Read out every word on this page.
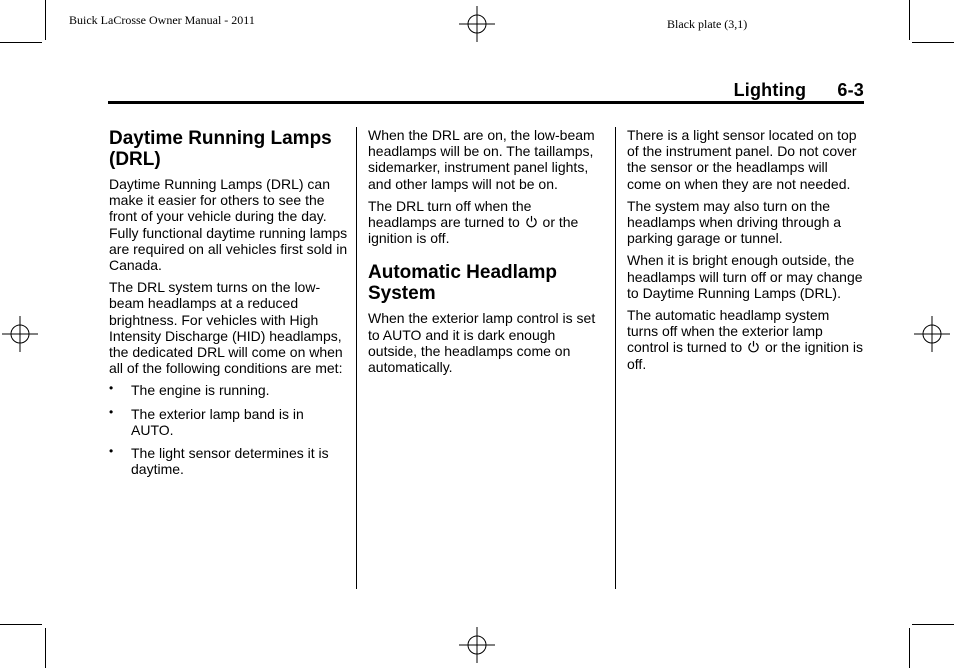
Buick LaCrosse Owner Manual - 2011	Black plate (3,1)
Lighting      6-3
Daytime Running Lamps (DRL)

Daytime Running Lamps (DRL) can make it easier for others to see the front of your vehicle during the day. Fully functional daytime running lamps are required on all vehicles first sold in Canada.

The DRL system turns on the low-beam headlamps at a reduced brightness. For vehicles with High Intensity Discharge (HID) headlamps, the dedicated DRL will come on when all of the following conditions are met:

• The engine is running.
• The exterior lamp band is in AUTO.
• The light sensor determines it is daytime.

When the DRL are on, the low-beam headlamps will be on. The taillamps, sidemarker, instrument panel lights, and other lamps will not be on.

The DRL turn off when the headlamps are turned to or the ignition is off.

Automatic Headlamp System

When the exterior lamp control is set to AUTO and it is dark enough outside, the headlamps come on automatically.

There is a light sensor located on top of the instrument panel. Do not cover the sensor or the headlamps will come on when they are not needed.

The system may also turn on the headlamps when driving through a parking garage or tunnel.

When it is bright enough outside, the headlamps will turn off or may change to Daytime Running Lamps (DRL).

The automatic headlamp system turns off when the exterior lamp control is turned to or the ignition is off.
